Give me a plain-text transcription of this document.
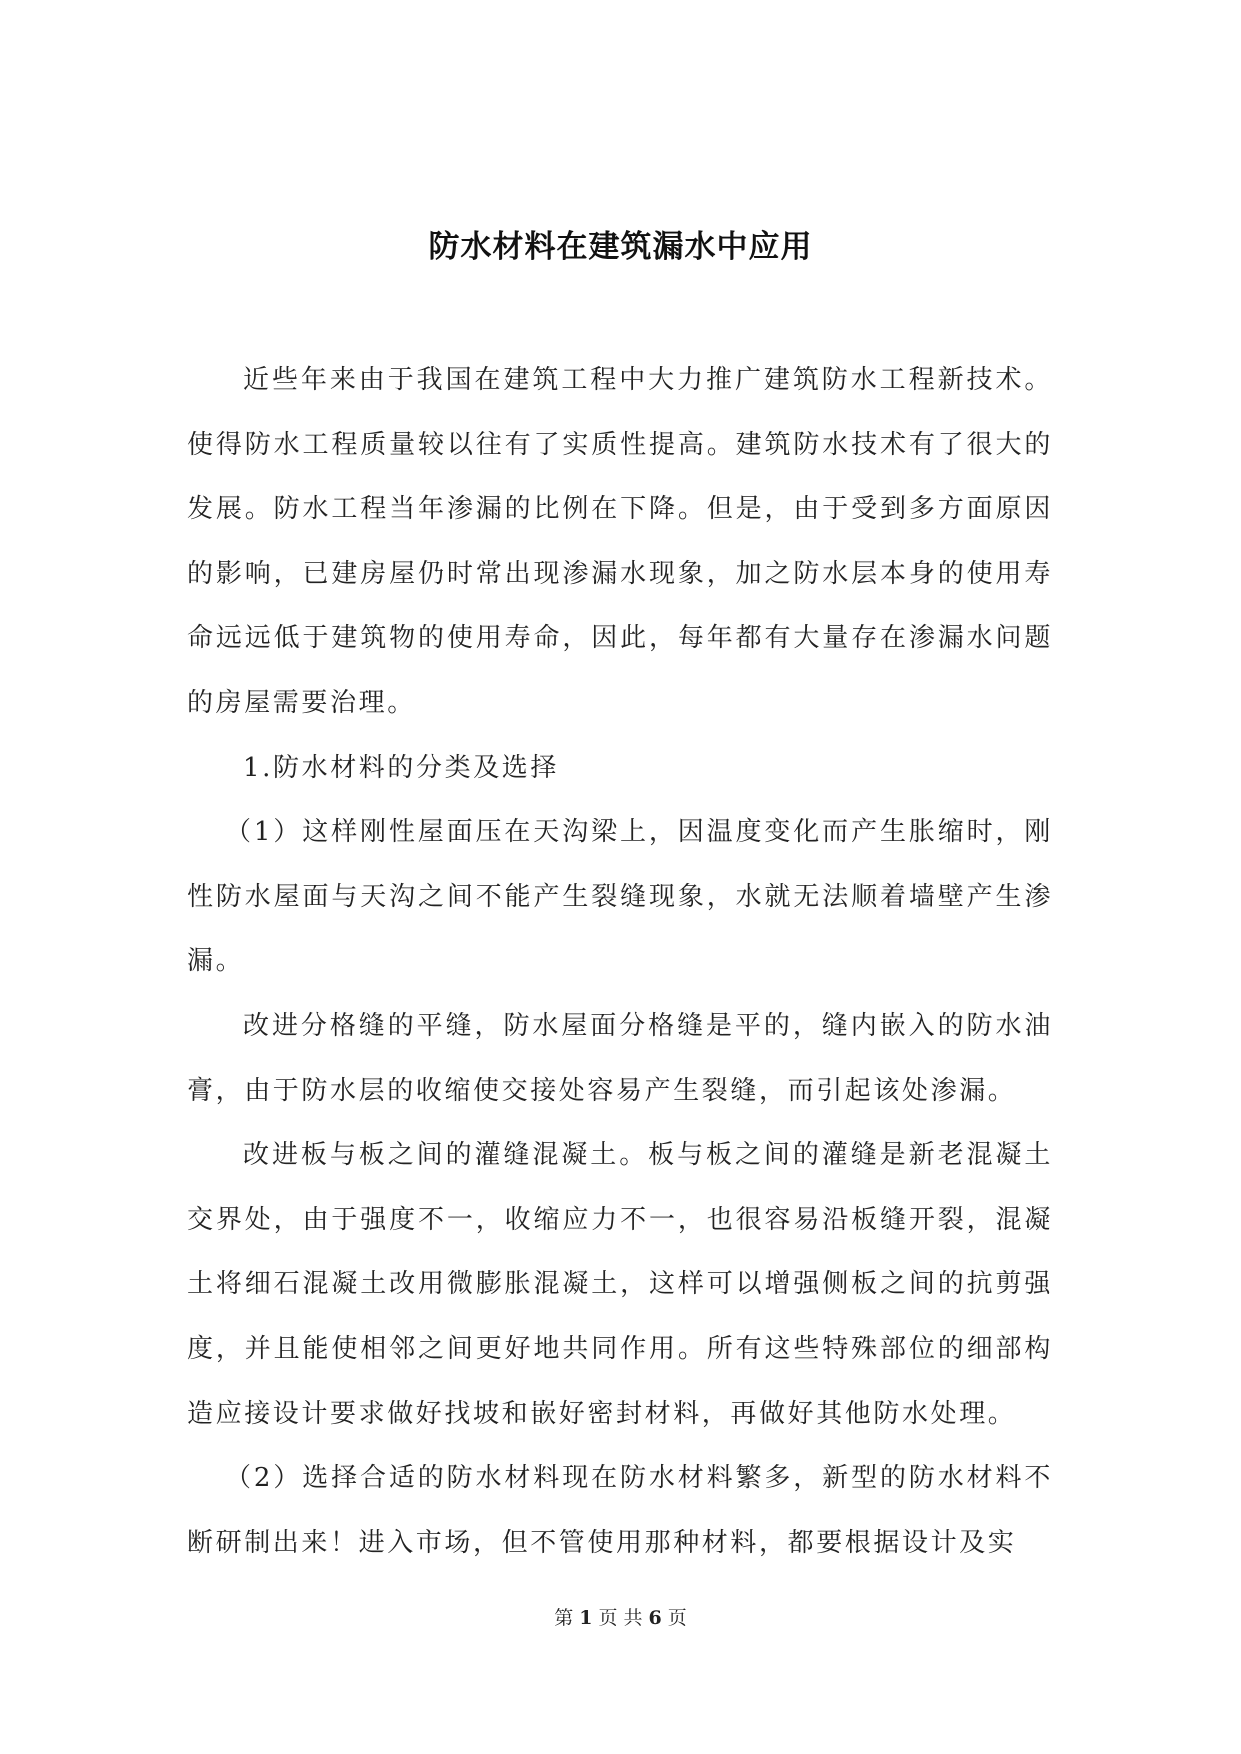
防水材料在建筑漏水中应用

近些年来由于我国在建筑工程中大力推广建筑防水工程新技术。使得防水工程质量较以往有了实质性提高。建筑防水技术有了很大的发展。防水工程当年渗漏的比例在下降。但是，由于受到多方面原因的影响，已建房屋仍时常出现渗漏水现象，加之防水层本身的使用寿命远远低于建筑物的使用寿命，因此，每年都有大量存在渗漏水问题的房屋需要治理。

1.防水材料的分类及选择

（1）这样刚性屋面压在天沟梁上，因温度变化而产生胀缩时，刚性防水屋面与天沟之间不能产生裂缝现象，水就无法顺着墙壁产生渗漏。

改进分格缝的平缝，防水屋面分格缝是平的，缝内嵌入的防水油膏，由于防水层的收缩使交接处容易产生裂缝，而引起该处渗漏。

改进板与板之间的灌缝混凝土。板与板之间的灌缝是新老混凝土交界处，由于强度不一，收缩应力不一，也很容易沿板缝开裂，混凝土将细石混凝土改用微膨胀混凝土，这样可以增强侧板之间的抗剪强度，并且能使相邻之间更好地共同作用。所有这些特殊部位的细部构造应接设计要求做好找坡和嵌好密封材料，再做好其他防水处理。

（2）选择合适的防水材料现在防水材料繁多，新型的防水材料不断研制出来！进入市场，但不管使用那种材料，都要根据设计及实

第 1 页 共 6 页
